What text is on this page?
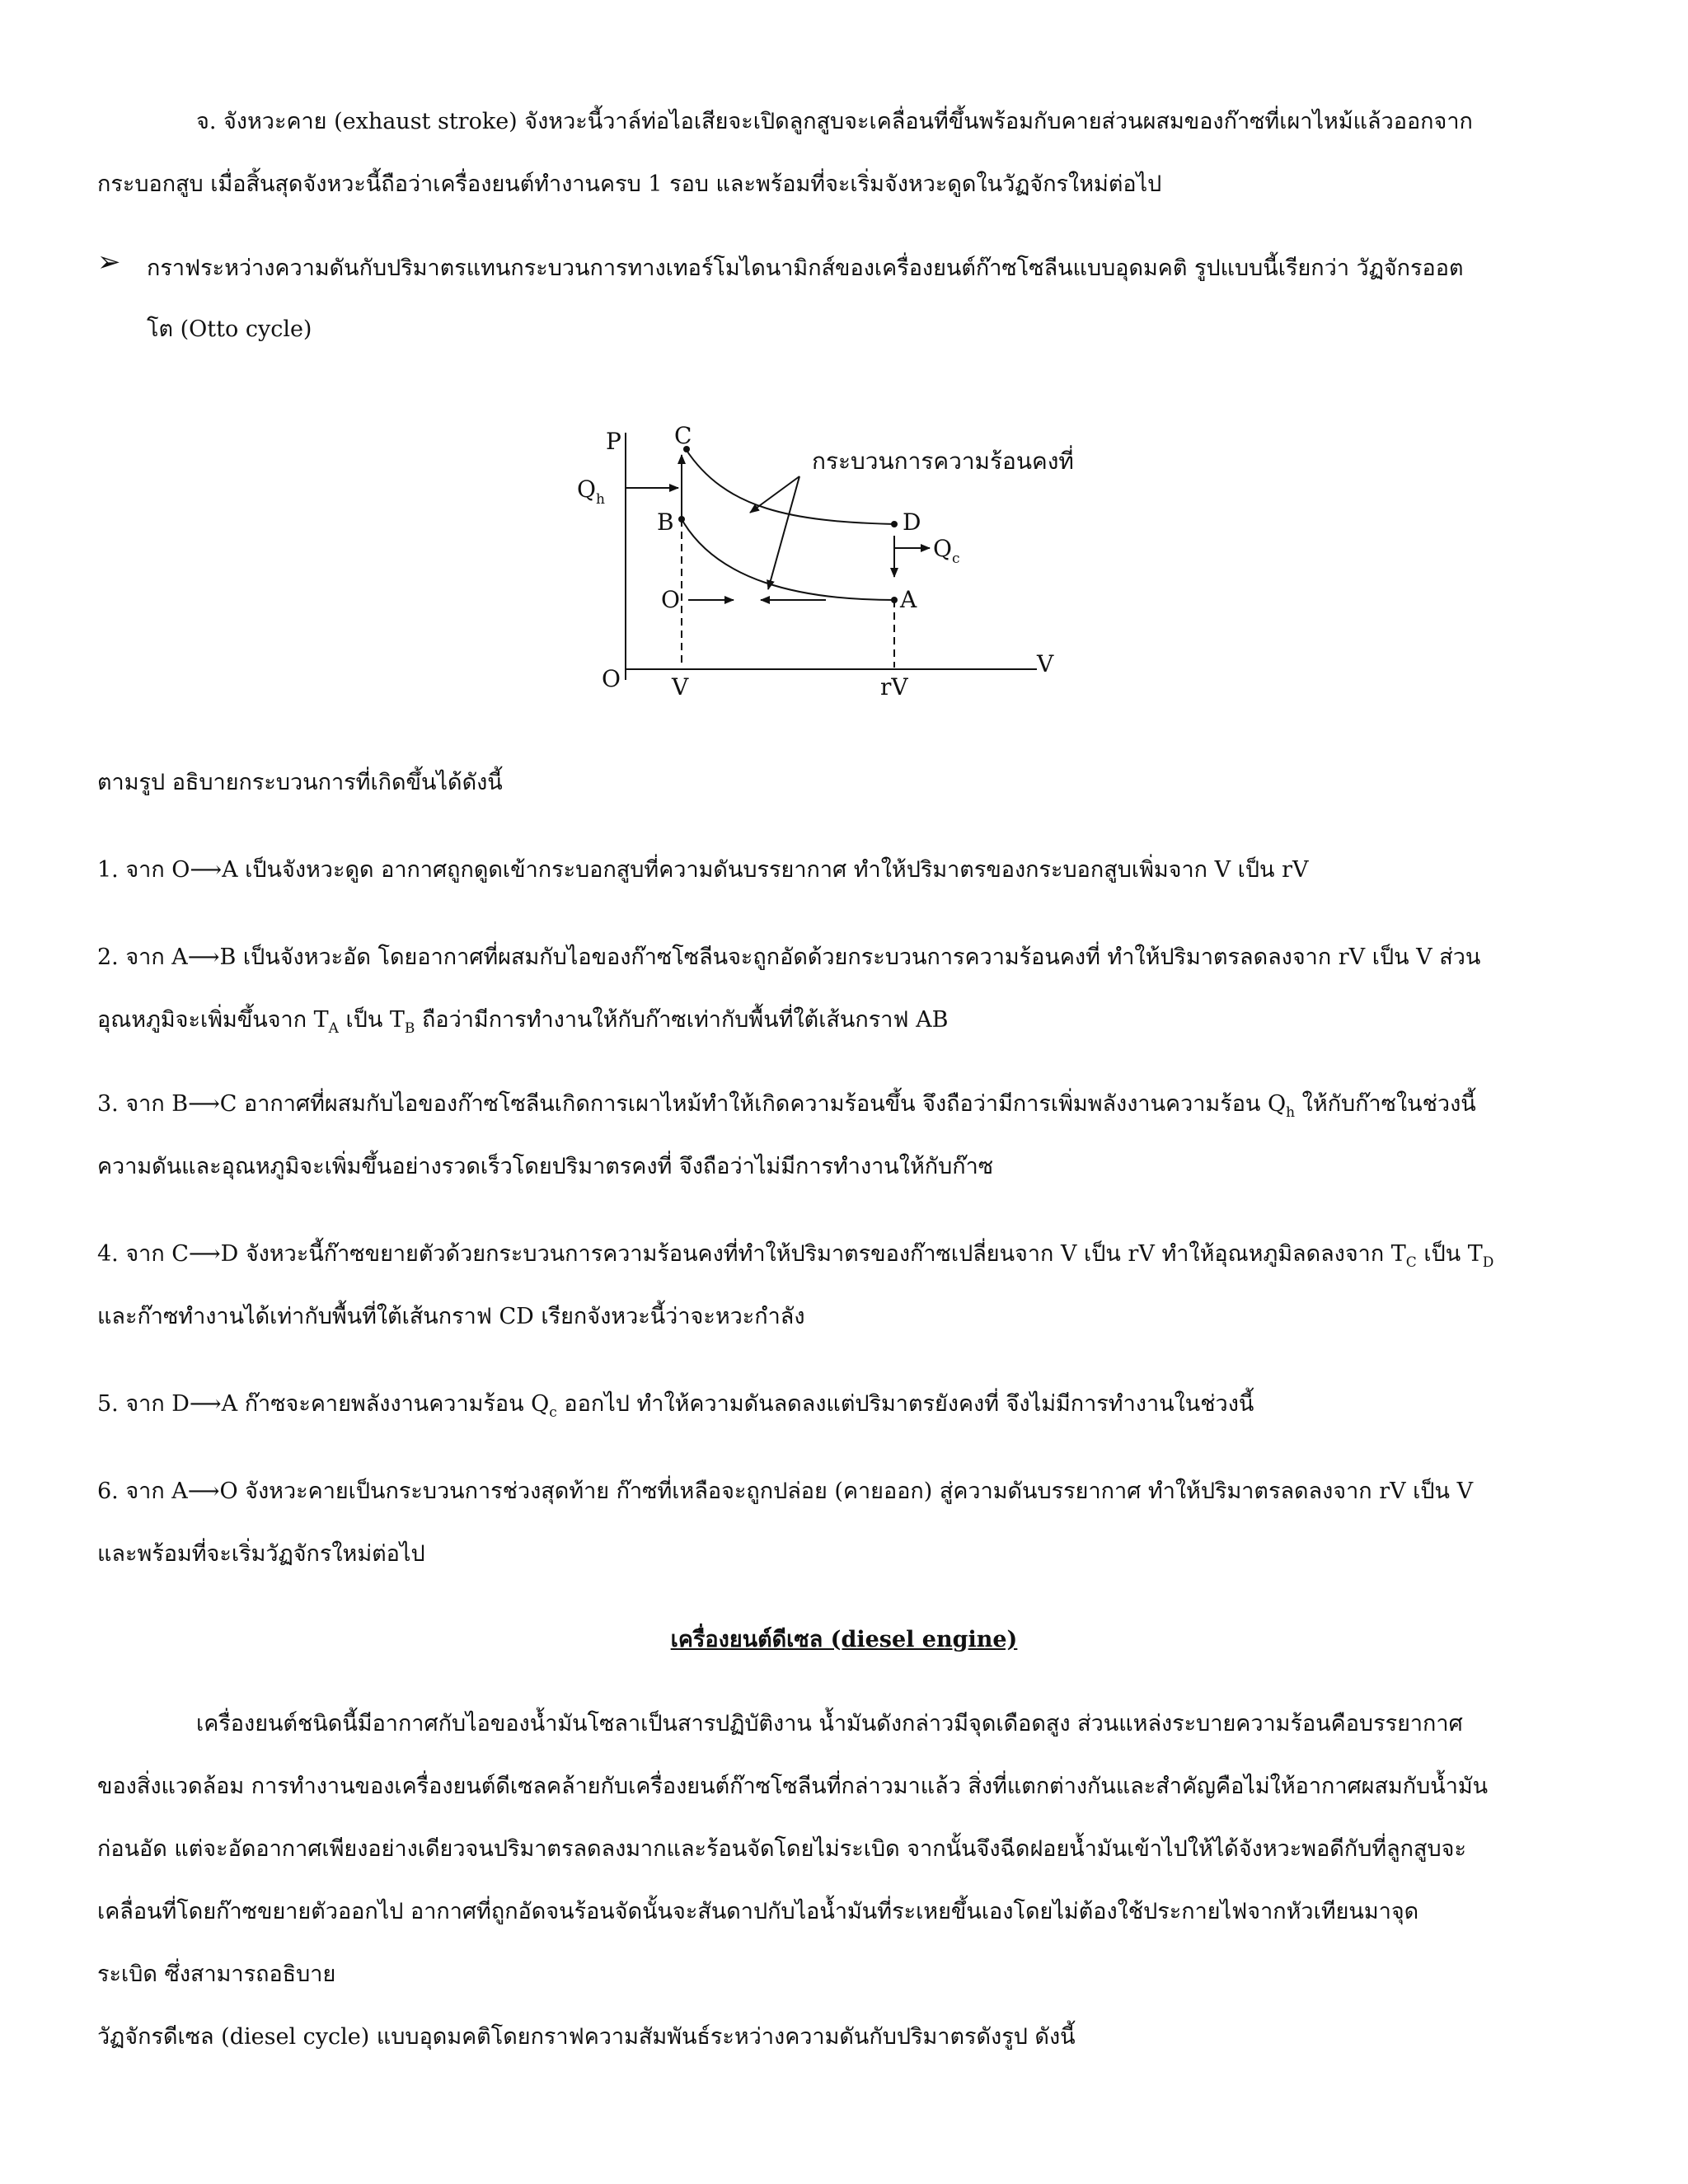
จ. จังหวะคาย (exhaust stroke) จังหวะนี้วาล์ท่อไอเสียจะเปิดลูกสูบจะเคลื่อนที่ขึ้นพร้อมกับคายส่วนผสมของก๊าซที่เผาไหม้แล้วออกจาก
กระบอกสูบ เมื่อสิ้นสุดจังหวะนี้ถือว่าเครื่องยนต์ทำงานครบ 1 รอบ และพร้อมที่จะเริ่มจังหวะดูดในวัฏจักรใหม่ต่อไป
➢ กราฟระหว่างความดันกับปริมาตรแทนกระบวนการทางเทอร์โมไดนามิกส์ของเครื่องยนต์ก๊าซโซลีนแบบอุดมคติ รูปแบบนี้เรียกว่า วัฏจักรออต
โต (Otto cycle)
P C
B	D
A
O
O
V
V	rV
$Q_h$
$Q_c$
กระบวนการความร้อนคงที่
ตามรูป อธิบายกระบวนการที่เกิดขึ้นได้ดังนี้
1. จาก O⟶A เป็นจังหวะดูด อากาศถูกดูดเข้ากระบอกสูบที่ความดันบรรยากาศ ทำให้ปริมาตรของกระบอกสูบเพิ่มจาก V เป็น rV
2. จาก A⟶B เป็นจังหวะอัด โดยอากาศที่ผสมกับไอของก๊าซโซลีนจะถูกอัดด้วยกระบวนการความร้อนคงที่ ทำให้ปริมาตรลดลงจาก rV เป็น V ส่วน
อุณหภูมิจะเพิ่มขึ้นจาก $T_A$ เป็น $T_B$ ถือว่ามีการทำงานให้กับก๊าซเท่ากับพื้นที่ใต้เส้นกราฟ AB
3. จาก B⟶C อากาศที่ผสมกับไอของก๊าซโซลีนเกิดการเผาไหม้ทำให้เกิดความร้อนขึ้น จึงถือว่ามีการเพิ่มพลังงานความร้อน $Q_h$ ให้กับก๊าซในช่วงนี้
ความดันและอุณหภูมิจะเพิ่มขึ้นอย่างรวดเร็วโดยปริมาตรคงที่ จึงถือว่าไม่มีการทำงานให้กับก๊าซ
4. จาก C⟶D จังหวะนี้ก๊าซขยายตัวด้วยกระบวนการความร้อนคงที่ทำให้ปริมาตรของก๊าซเปลี่ยนจาก V เป็น rV ทำให้อุณหภูมิลดลงจาก $T_C$ เป็น $T_D$
และก๊าซทำงานได้เท่ากับพื้นที่ใต้เส้นกราฟ CD เรียกจังหวะนี้ว่าจะหวะกำลัง
5. จาก D⟶A ก๊าซจะคายพลังงานความร้อน $Q_c$ ออกไป ทำให้ความดันลดลงแต่ปริมาตรยังคงที่ จึงไม่มีการทำงานในช่วงนี้
6. จาก A⟶O จังหวะคายเป็นกระบวนการช่วงสุดท้าย ก๊าซที่เหลือจะถูกปล่อย (คายออก) สู่ความดันบรรยากาศ ทำให้ปริมาตรลดลงจาก rV เป็น V
และพร้อมที่จะเริ่มวัฏจักรใหม่ต่อไป
เครื่องยนต์ดีเซล (diesel engine)
เครื่องยนต์ชนิดนี้มีอากาศกับไอของน้ำมันโซลาเป็นสารปฏิบัติงาน น้ำมันดังกล่าวมีจุดเดือดสูง ส่วนแหล่งระบายความร้อนคือบรรยากาศ
ของสิ่งแวดล้อม การทำงานของเครื่องยนต์ดีเซลคล้ายกับเครื่องยนต์ก๊าซโซลีนที่กล่าวมาแล้ว สิ่งที่แตกต่างกันและสำคัญคือไม่ให้อากาศผสมกับน้ำมัน
ก่อนอัด แต่จะอัดอากาศเพียงอย่างเดียวจนปริมาตรลดลงมากและร้อนจัดโดยไม่ระเบิด จากนั้นจึงฉีดฝอยน้ำมันเข้าไปให้ได้จังหวะพอดีกับที่ลูกสูบจะ
เคลื่อนที่โดยก๊าซขยายตัวออกไป อากาศที่ถูกอัดจนร้อนจัดนั้นจะสันดาปกับไอน้ำมันที่ระเหยขึ้นเองโดยไม่ต้องใช้ประกายไฟจากหัวเทียนมาจุด
ระเบิด ซึ่งสามารถอธิบาย
วัฏจักรดีเซล (diesel cycle) แบบอุดมคติโดยกราฟความสัมพันธ์ระหว่างความดันกับปริมาตรดังรูป ดังนี้
